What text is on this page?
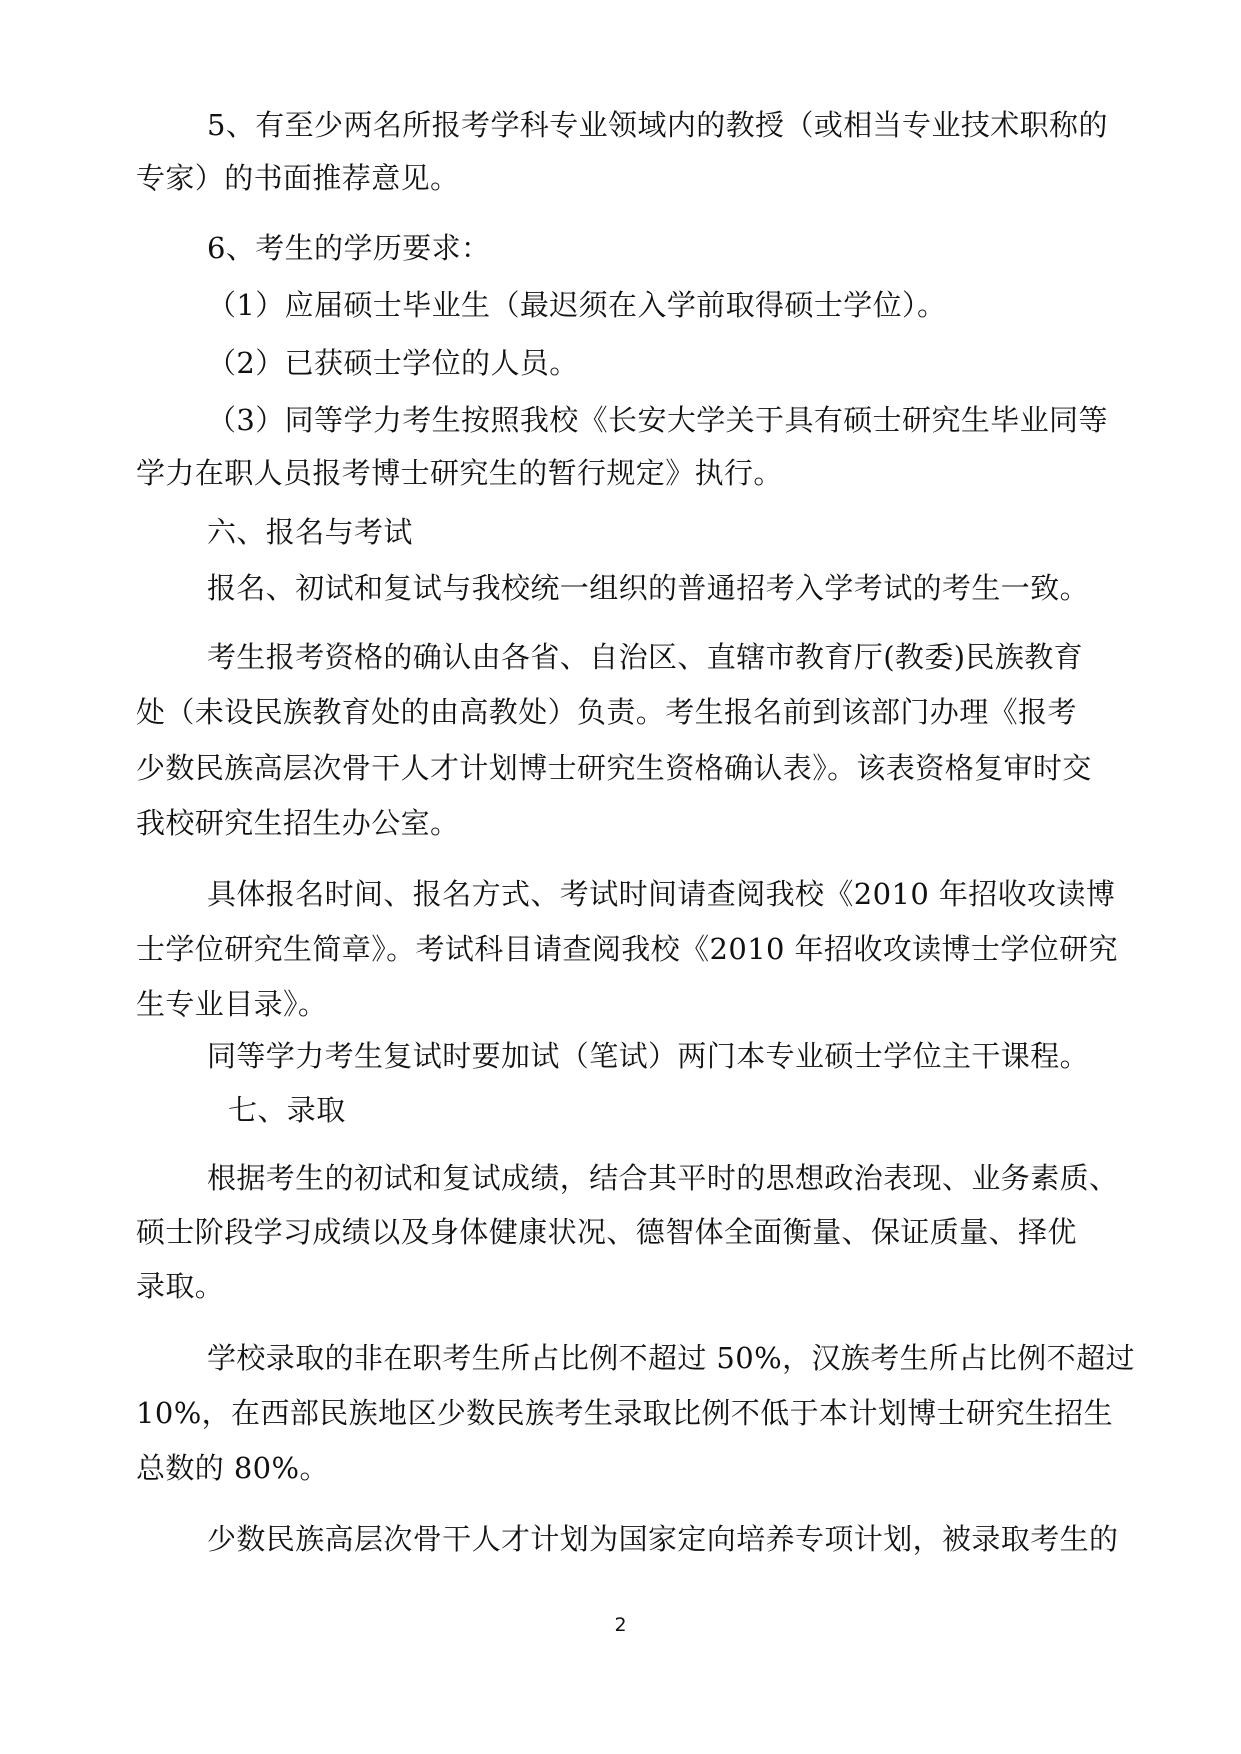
5、有至少两名所报考学科专业领域内的教授（或相当专业技术职称的
专家）的书面推荐意见。
6、考生的学历要求：
（1）应届硕士毕业生（最迟须在入学前取得硕士学位）。
（2）已获硕士学位的人员。
（3）同等学力考生按照我校《长安大学关于具有硕士研究生毕业同等
学力在职人员报考博士研究生的暂行规定》执行。
六、报名与考试
报名、初试和复试与我校统一组织的普通招考入学考试的考生一致。
考生报考资格的确认由各省、自治区、直辖市教育厅(教委)民族教育
处（未设民族教育处的由高教处）负责。考生报名前到该部门办理《报考
少数民族高层次骨干人才计划博士研究生资格确认表》。该表资格复审时交
我校研究生招生办公室。
具体报名时间、报名方式、考试时间请查阅我校《2010 年招收攻读博
士学位研究生简章》。考试科目请查阅我校《2010 年招收攻读博士学位研究
生专业目录》。
同等学力考生复试时要加试（笔试）两门本专业硕士学位主干课程。
七、录取
根据考生的初试和复试成绩，结合其平时的思想政治表现、业务素质、
硕士阶段学习成绩以及身体健康状况、德智体全面衡量、保证质量、择优
录取。
学校录取的非在职考生所占比例不超过 50%，汉族考生所占比例不超过
10%，在西部民族地区少数民族考生录取比例不低于本计划博士研究生招生
总数的 80%。
少数民族高层次骨干人才计划为国家定向培养专项计划，被录取考生的
2
